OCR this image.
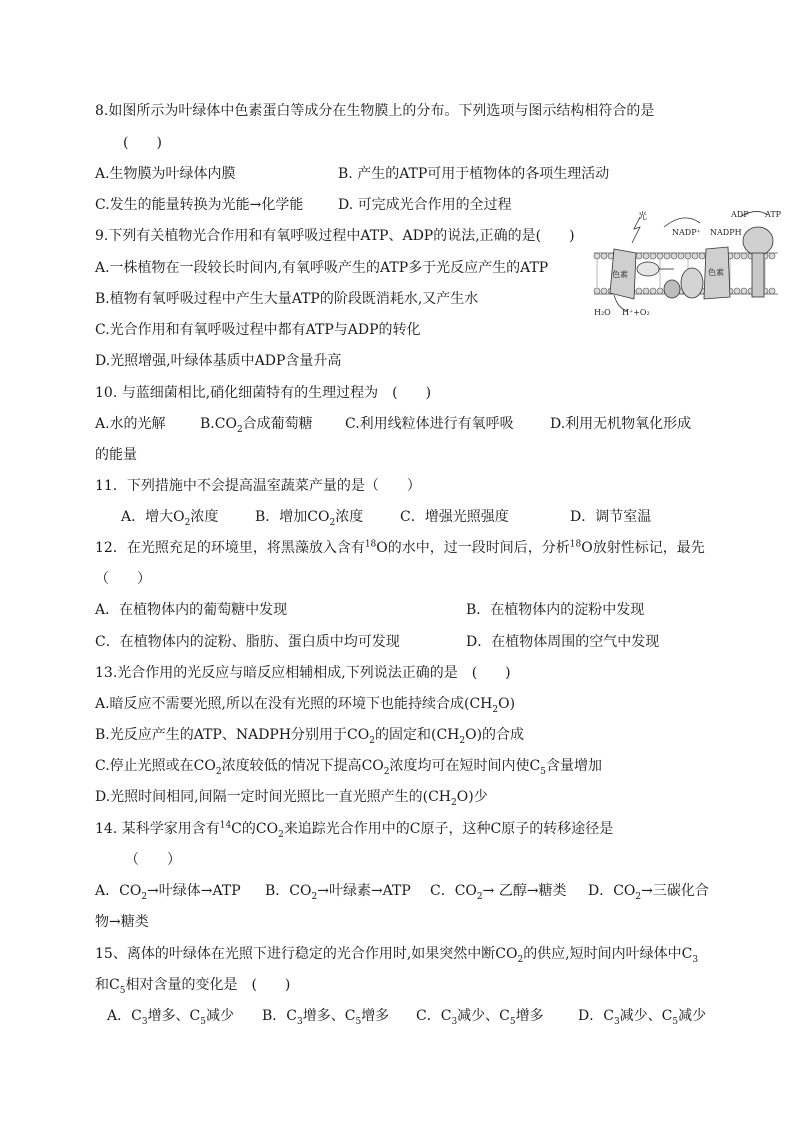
8.如图所示为叶绿体中色素蛋白等成分在生物膜上的分布。下列选项与图示结构相符合的是
(　　)
A.生物膜为叶绿体内膜	B. 产生的ATP可用于植物体的各项生理活动
C.发生的能量转换为光能→化学能 D. 可完成光合作用的全过程
9.下列有关植物光合作用和有氧呼吸过程中ATP、ADP的说法,正确的是(　　)
A.一株植物在一段较长时间内,有氧呼吸产生的ATP多于光反应产生的ATP
B.植物有氧呼吸过程中产生大量ATP的阶段既消耗水,又产生水
C.光合作用和有氧呼吸过程中都有ATP与ADP的转化
D.光照增强,叶绿体基质中ADP含量升高
光
NADP⁺ NADPH
ADP ATP
色素	色素
H₂O H⁺+O₂
10. 与蓝细菌相比,硝化细菌特有的生理过程为　(　　)
A.水的光解 $B.CO_2$合成葡萄糖 C.利用线粒体进行有氧呼吸	D.利用无机物氧化形成
的能量
11．下列措施中不会提高温室蔬菜产量的是（　　）
A．增大$O_2$浓度	B．增加$CO_2$浓度	C．增强光照强度	D．调节室温
12．在光照充足的环境里，将黑藻放入含有$^{18}$O的水中，过一段时间后，分析$^{18}$O放射性标记，最先
（　　）
A．在植物体内的葡萄糖中发现	B．在植物体内的淀粉中发现
C．在植物体内的淀粉、脂肪、蛋白质中均可发现	D．在植物体周围的空气中发现
13.光合作用的光反应与暗反应相辅相成,下列说法正确的是　(　　)
A.暗反应不需要光照,所以在没有光照的环境下也能持续合成$(CH_2O)$
B.光反应产生的ATP、NADPH分别用于$CO_2$的固定和$(CH_2O)$的合成
C.停止光照或在$CO_2$浓度较低的情况下提高$CO_2$浓度均可在短时间内使$C_5$含量增加
D.光照时间相同,间隔一定时间光照比一直光照产生的$(CH_2O)$少
14. 某科学家用含有$^{14}$C的$CO_2$来追踪光合作用中的C原子，这种C原子的转移途径是
（　　）
A．$CO_2\to$叶绿体→ATP B．$CO_2\to$叶绿素→ATP C．$CO_2\to$ 乙醇→糖类 D．$CO_2\to$三碳化合
物→糖类
15、离体的叶绿体在光照下进行稳定的光合作用时,如果突然中断$CO_2$的供应,短时间内叶绿体中$C_3$
和$C_5$相对含量的变化是　(　　)
A．$C_3$增多、$C_5$减少 B．$C_3$增多、$C_5$增多 C．$C_3$减少、$C_5$增多 D．$C_3$减少、$C_5$减少
